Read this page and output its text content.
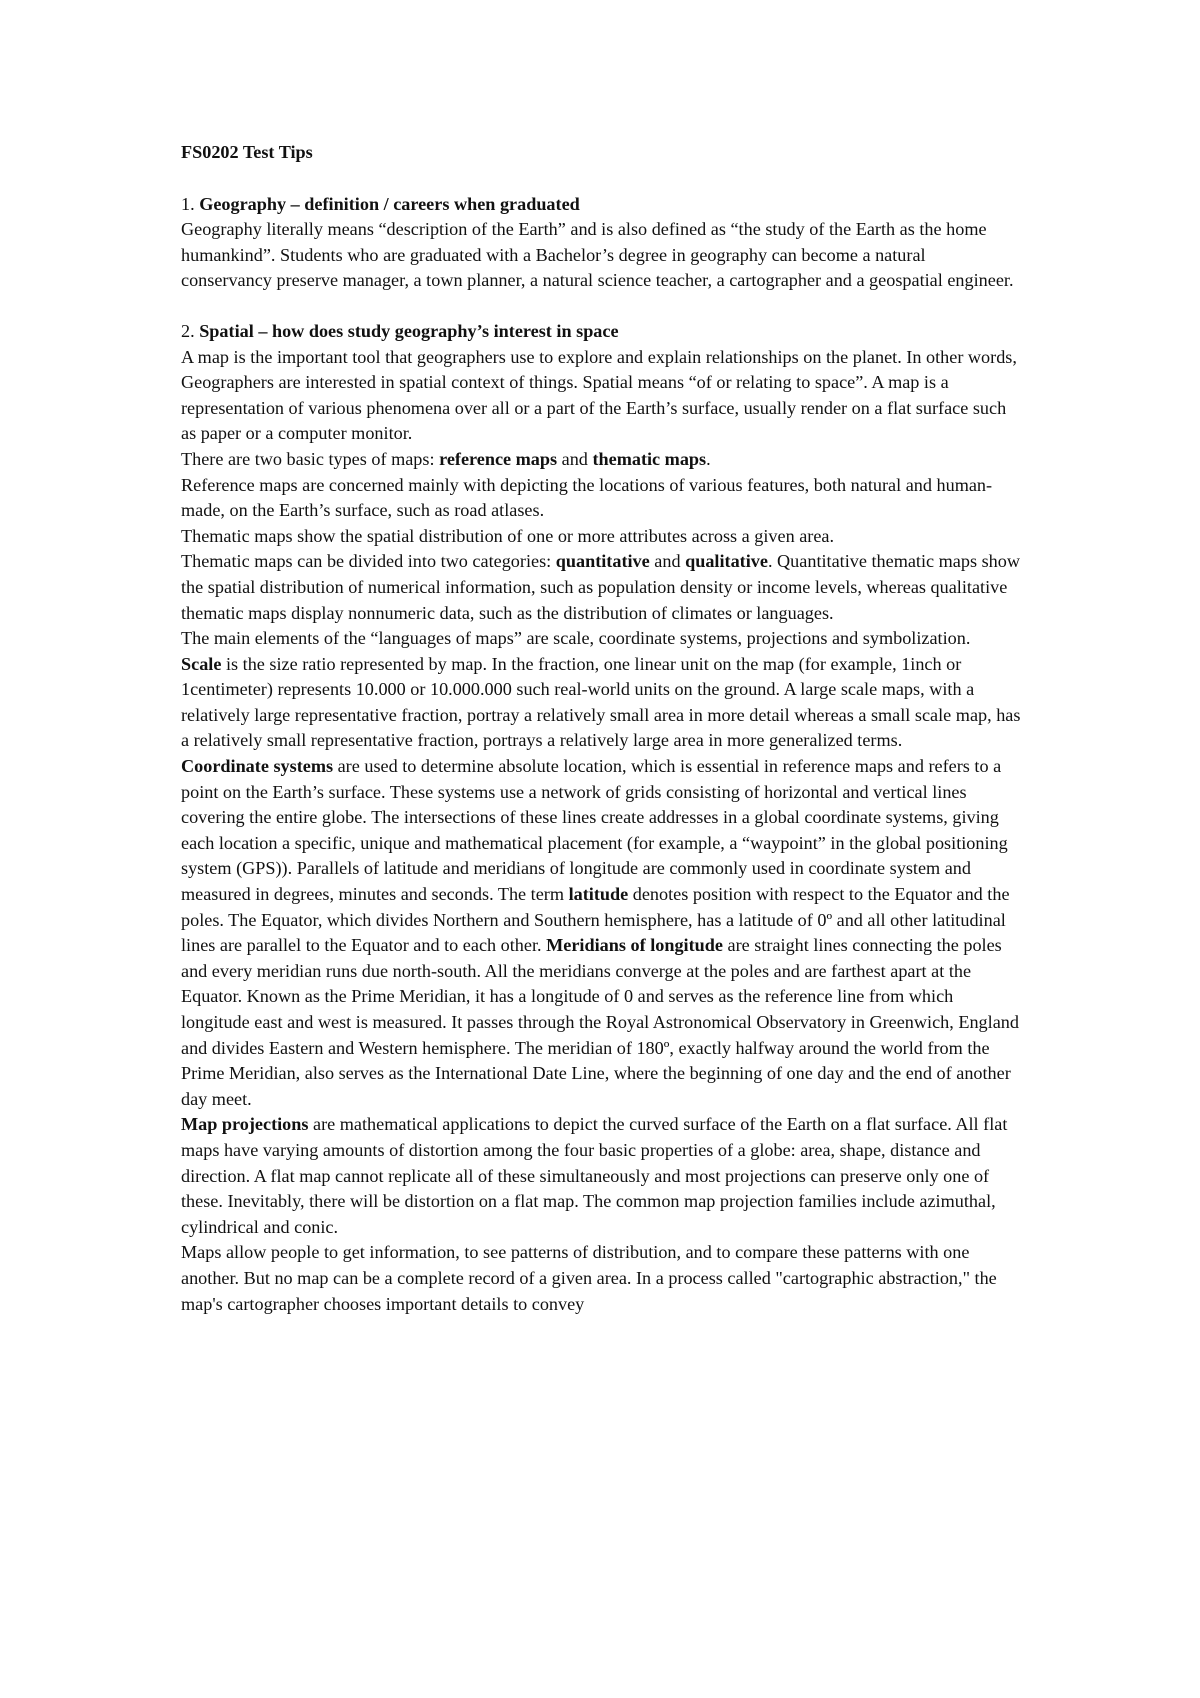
FS0202 Test Tips

1. Geography – definition / careers when graduated

Geography literally means “description of the Earth” and is also defined as “the study of the Earth as the home humankind”. Students who are graduated with a Bachelor’s degree in geography can become a natural conservancy preserve manager, a town planner, a natural science teacher, a cartographer and a geospatial engineer.

2. Spatial – how does study geography’s interest in space

A map is the important tool that geographers use to explore and explain relationships on the planet. In other words, Geographers are interested in spatial context of things. Spatial means “of or relating to space”. A map is a representation of various phenomena over all or a part of the Earth’s surface, usually render on a flat surface such as paper or a computer monitor.

There are two basic types of maps: reference maps and thematic maps.

Reference maps are concerned mainly with depicting the locations of various features, both natural and human-made, on the Earth’s surface, such as road atlases.

Thematic maps show the spatial distribution of one or more attributes across a given area.

Thematic maps can be divided into two categories: quantitative and qualitative. Quantitative thematic maps show the spatial distribution of numerical information, such as population density or income levels, whereas qualitative thematic maps display nonnumeric data, such as the distribution of climates or languages.

The main elements of the “languages of maps” are scale, coordinate systems, projections and symbolization.

Scale is the size ratio represented by map. In the fraction, one linear unit on the map (for example, 1inch or 1centimeter) represents 10.000 or 10.000.000 such real-world units on the ground. A large scale maps, with a relatively large representative fraction, portray a relatively small area in more detail whereas a small scale map, has a relatively small representative fraction, portrays a relatively large area in more generalized terms.

Coordinate systems are used to determine absolute location, which is essential in reference maps and refers to a point on the Earth’s surface. These systems use a network of grids consisting of horizontal and vertical lines covering the entire globe. The intersections of these lines create addresses in a global coordinate systems, giving each location a specific, unique and mathematical placement (for example, a “waypoint” in the global positioning system (GPS)). Parallels of latitude and meridians of longitude are commonly used in coordinate system and measured in degrees, minutes and seconds. The term latitude denotes position with respect to the Equator and the poles. The Equator, which divides Northern and Southern hemisphere, has a latitude of 0º and all other latitudinal lines are parallel to the Equator and to each other. Meridians of longitude are straight lines connecting the poles and every meridian runs due north-south. All the meridians converge at the poles and are farthest apart at the Equator. Known as the Prime Meridian, it has a longitude of 0 and serves as the reference line from which longitude east and west is measured. It passes through the Royal Astronomical Observatory in Greenwich, England and divides Eastern and Western hemisphere. The meridian of 180º, exactly halfway around the world from the Prime Meridian, also serves as the International Date Line, where the beginning of one day and the end of another day meet.

Map projections are mathematical applications to depict the curved surface of the Earth on a flat surface. All flat maps have varying amounts of distortion among the four basic properties of a globe: area, shape, distance and direction. A flat map cannot replicate all of these simultaneously and most projections can preserve only one of these. Inevitably, there will be distortion on a flat map. The common map projection families include azimuthal, cylindrical and conic.

Maps allow people to get information, to see patterns of distribution, and to compare these patterns with one another. But no map can be a complete record of a given area. In a process called "cartographic abstraction," the map's cartographer chooses important details to convey
